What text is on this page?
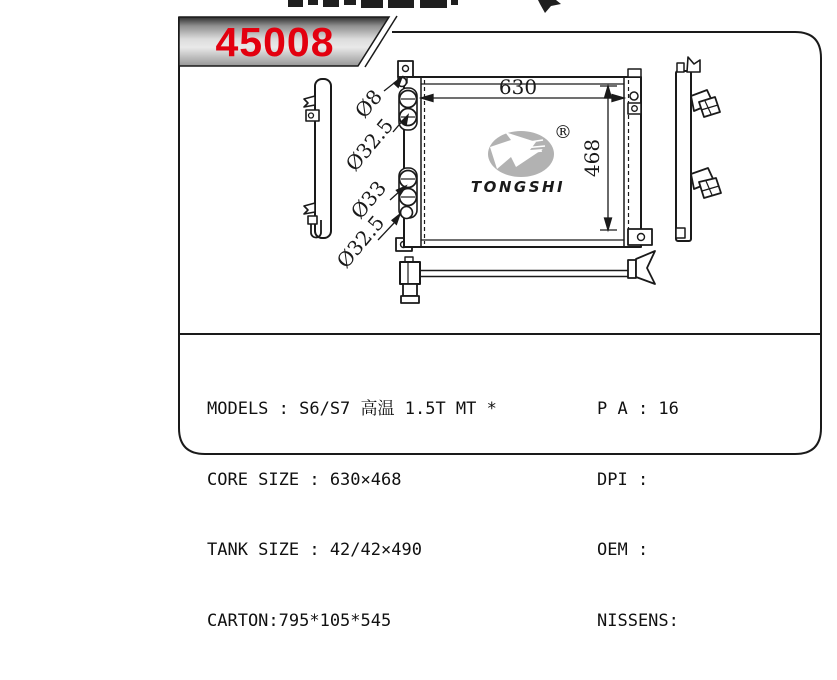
®
TONGSHI
630
468
Ø8
Ø32.5
Ø33
Ø32.5
45008

MODELS : S6/S7 高温 1.5T MT *

CORE SIZE : 630×468

TANK SIZE : 42/42×490

CARTON:795*105*545

P A : 16

DPI :

OEM :

NISSENS:
